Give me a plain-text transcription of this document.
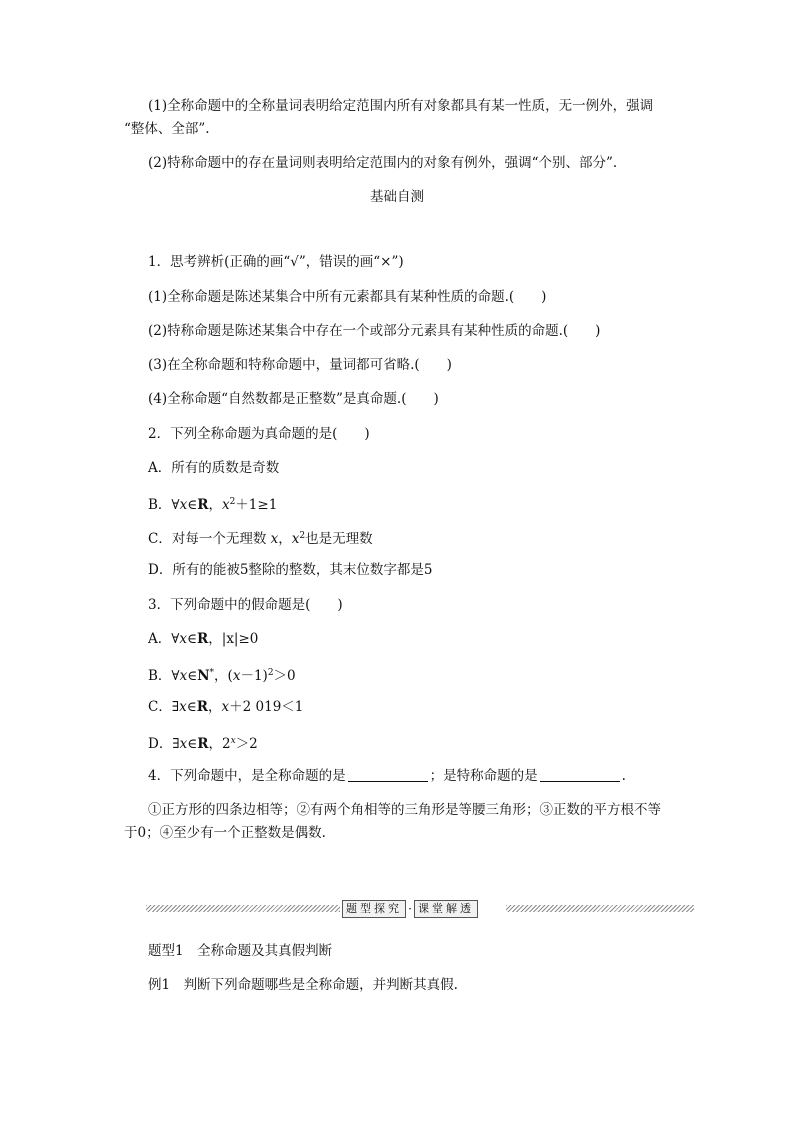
(1)全称命题中的全称量词表明给定范围内所有对象都具有某一性质，无一例外，强调
“整体、全部”.
(2)特称命题中的存在量词则表明给定范围内的对象有例外，强调“个别、部分”.
基础自测
1．思考辨析(正确的画“√”，错误的画“×”)
(1)全称命题是陈述某集合中所有元素都具有某种性质的命题.(　　)
(2)特称命题是陈述某集合中存在一个或部分元素具有某种性质的命题.(　　)
(3)在全称命题和特称命题中，量词都可省略.(　　)
(4)全称命题“自然数都是正整数”是真命题.(　　)
2．下列全称命题为真命题的是(　　)
A．所有的质数是奇数
B．∀x∈R，$x^2+1\ge 1$
C．对每一个无理数 x，$x^2$也是无理数
D．所有的能被5整除的整数，其末位数字都是5
3．下列命题中的假命题是(　　)
A．∀x∈R，|x|≥0
B．∀x∈N*，$(x-1)^2>0$
C．∃x∈R，x＋2 019＜1
D．∃x∈R，$2^x>2$
4．下列命题中，是全称命题的是	；是特称命题的是	.
①正方形的四条边相等；②有两个角相等的三角形是等腰三角形；③正数的平方根不等
于0；④至少有一个正整数是偶数.
题型探究 · 课堂解透
题型1　全称命题及其真假判断
例1　判断下列命题哪些是全称命题，并判断其真假.
